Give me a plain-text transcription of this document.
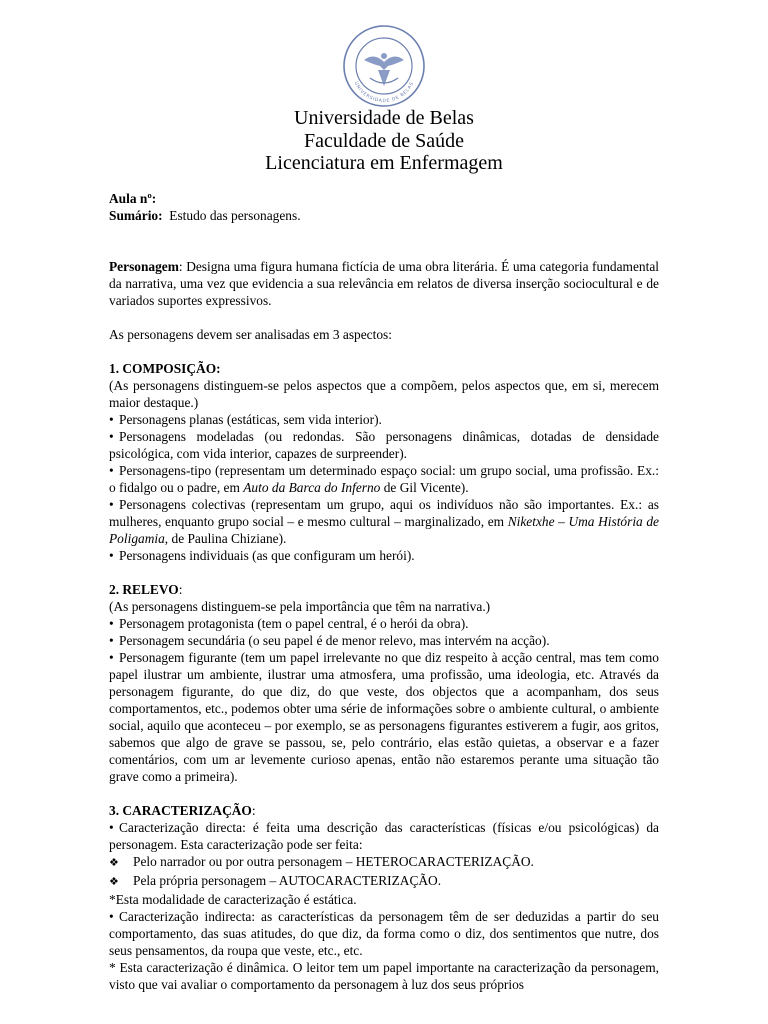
UNIVERSIDADE DE BELAS
Universidade de Belas
Faculdade de Saúde
Licenciatura em Enfermagem
Aula nº:
Sumário: Estudo das personagens.

Personagem: Designa uma figura humana fictícia de uma obra literária. É uma categoria fundamental da narrativa, uma vez que evidencia a sua relevância em relatos de diversa inserção sociocultural e de variados suportes expressivos.

As personagens devem ser analisadas em 3 aspectos:

1. COMPOSIÇÃO:

(As personagens distinguem-se pelos aspectos que a compõem, pelos aspectos que, em si, merecem maior destaque.)

• Personagens planas (estáticas, sem vida interior).

• Personagens modeladas (ou redondas. São personagens dinâmicas, dotadas de densidade psicológica, com vida interior, capazes de surpreender).

• Personagens-tipo (representam um determinado espaço social: um grupo social, uma profissão. Ex.: o fidalgo ou o padre, em Auto da Barca do Inferno de Gil Vicente).

• Personagens colectivas (representam um grupo, aqui os indivíduos não são importantes. Ex.: as mulheres, enquanto grupo social – e mesmo cultural – marginalizado, em Niketxhe – Uma História de Poligamia, de Paulina Chiziane).

• Personagens individuais (as que configuram um herói).

2. RELEVO:

(As personagens distinguem-se pela importância que têm na narrativa.)

• Personagem protagonista (tem o papel central, é o herói da obra).

• Personagem secundária (o seu papel é de menor relevo, mas intervém na acção).

• Personagem figurante (tem um papel irrelevante no que diz respeito à acção central, mas tem como papel ilustrar um ambiente, ilustrar uma atmosfera, uma profissão, uma ideologia, etc. Através da personagem figurante, do que diz, do que veste, dos objectos que a acompanham, dos seus comportamentos, etc., podemos obter uma série de informações sobre o ambiente cultural, o ambiente social, aquilo que aconteceu – por exemplo, se as personagens figurantes estiverem a fugir, aos gritos, sabemos que algo de grave se passou, se, pelo contrário, elas estão quietas, a observar e a fazer comentários, com um ar levemente curioso apenas, então não estaremos perante uma situação tão grave como a primeira).

3. CARACTERIZAÇÃO:

• Caracterização directa: é feita uma descrição das características (físicas e/ou psicológicas) da personagem. Esta caracterização pode ser feita:

❖ Pelo narrador ou por outra personagem – HETEROCARACTERIZAÇÃO.

❖ Pela própria personagem – AUTOCARACTERIZAÇÃO.

*Esta modalidade de caracterização é estática.

• Caracterização indirecta: as características da personagem têm de ser deduzidas a partir do seu comportamento, das suas atitudes, do que diz, da forma como o diz, dos sentimentos que nutre, dos seus pensamentos, da roupa que veste, etc., etc.

* Esta caracterização é dinâmica. O leitor tem um papel importante na caracterização da personagem, visto que vai avaliar o comportamento da personagem à luz dos seus próprios
